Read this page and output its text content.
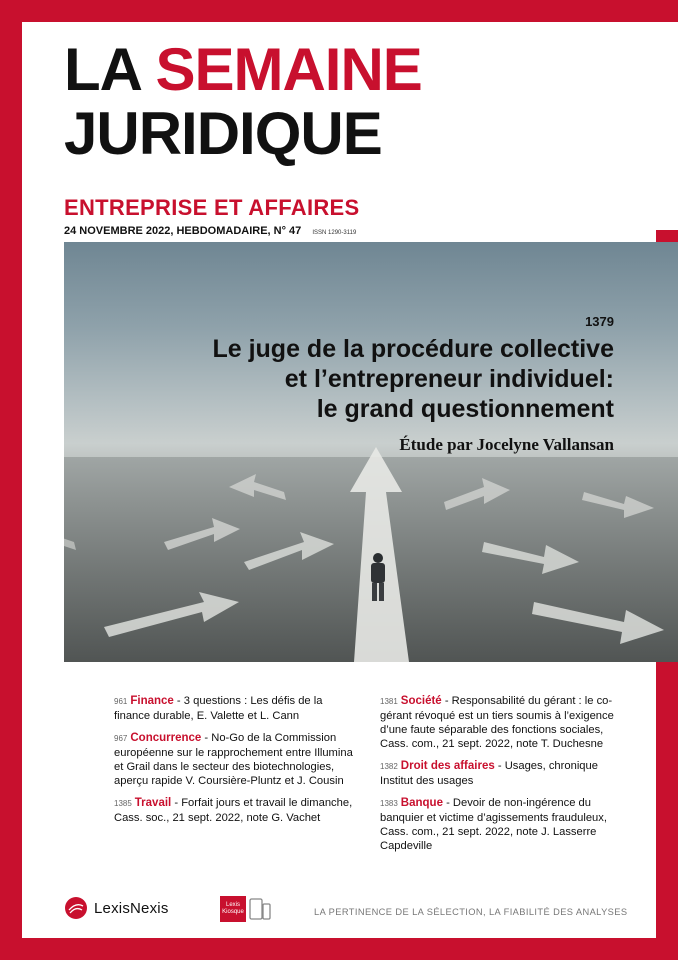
LA SEMAINE
JURIDIQUE
ENTREPRISE ET AFFAIRES
24 NOVEMBRE 2022, HEBDOMADAIRE, N° 47 ISSN 1290-3119
1379
Le juge de la procédure collective
et l’entrepreneur individuel:
le grand questionnement
Étude par Jocelyne Vallansan
961 Finance - 3 questions : Les défis de la finance durable, E. Valette et L. Cann
967 Concurrence - No-Go de la Commission européenne sur le rapprochement entre Illumina et Grail dans le secteur des biotechnologies, aperçu rapide V. Coursière-Pluntz et J. Cousin
1385 Travail - Forfait jours et travail le dimanche, Cass. soc., 21 sept. 2022, note G. Vachet
1381 Société - Responsabilité du gérant : le co-gérant révoqué est un tiers soumis à l’exigence d’une faute séparable des fonctions sociales, Cass. com., 21 sept. 2022, note T. Duchesne
1382 Droit des affaires - Usages, chronique Institut des usages
1383 Banque - Devoir de non-ingérence du banquier et victime d’agissements frauduleux, Cass. com., 21 sept. 2022, note J. Lasserre Capdeville
LexisNexis	Lexis
Kiosque	LA PERTINENCE DE LA SÉLECTION, LA FIABILITÉ DES ANALYSES
